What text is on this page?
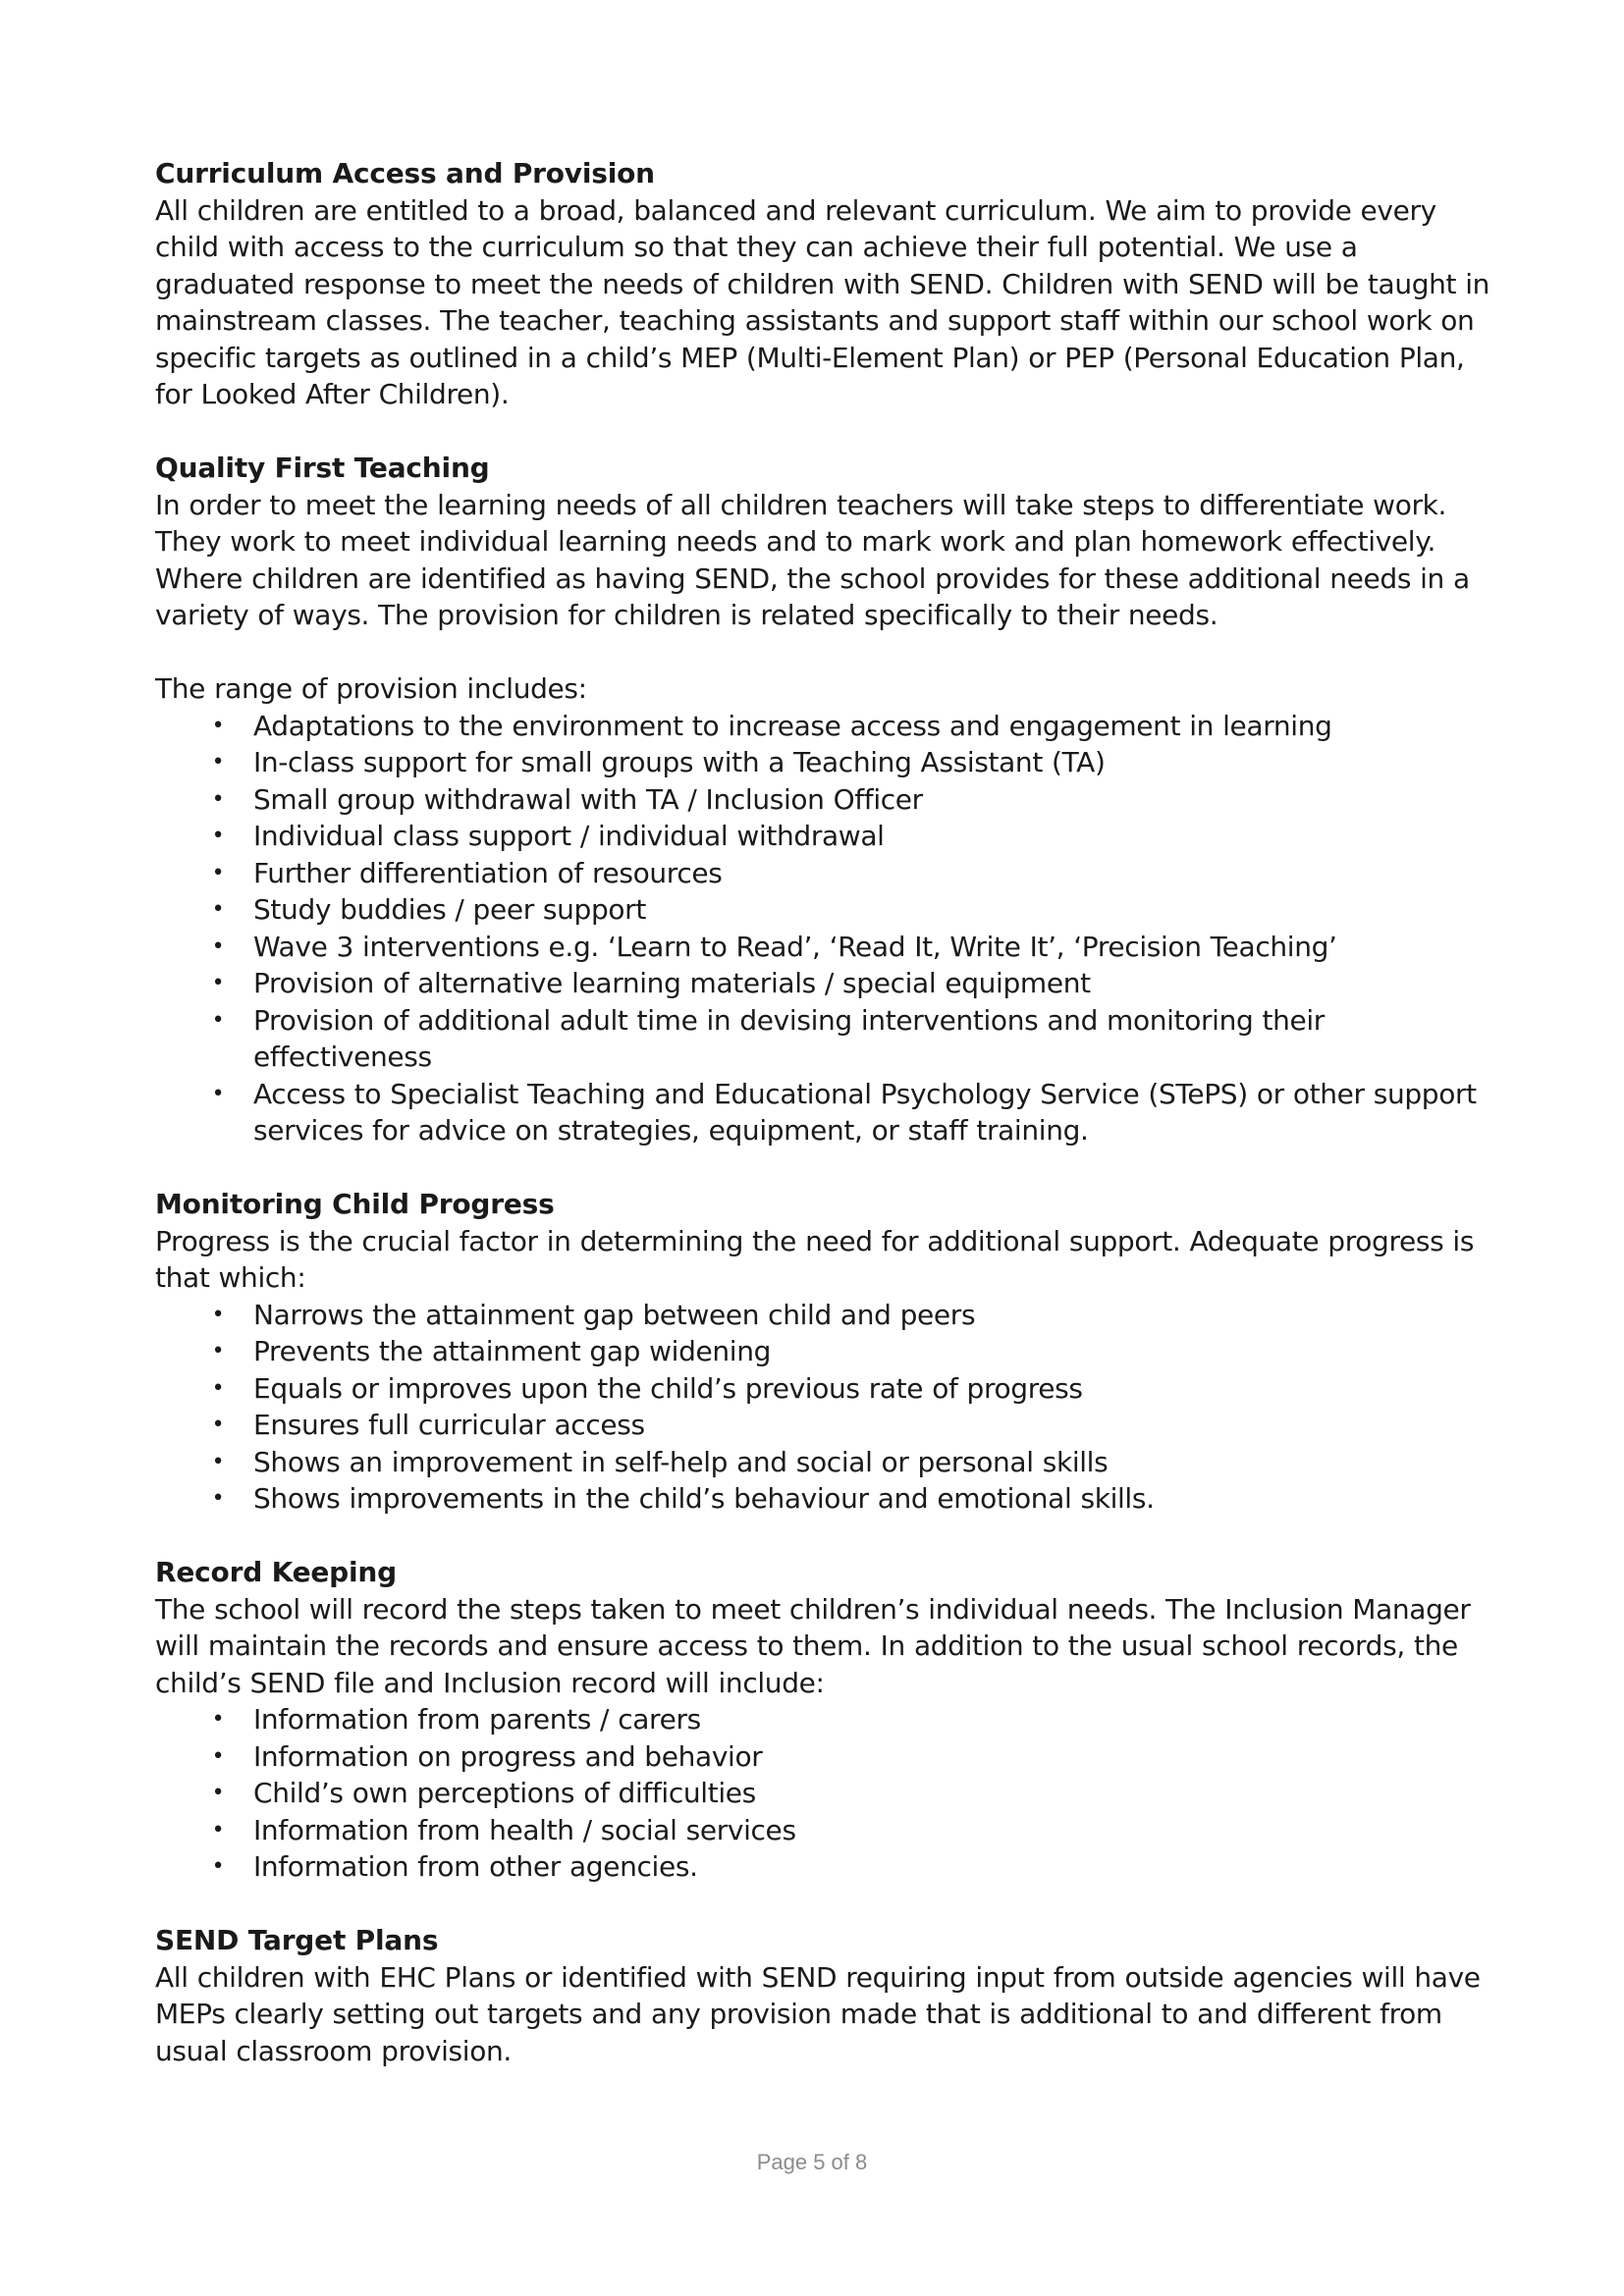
Curriculum Access and Provision

All children are entitled to a broad, balanced and relevant curriculum. We aim to provide every child with access to the curriculum so that they can achieve their full potential. We use a graduated response to meet the needs of children with SEND. Children with SEND will be taught in mainstream classes. The teacher, teaching assistants and support staff within our school work on specific targets as outlined in a child’s MEP (Multi-Element Plan) or PEP (Personal Education Plan, for Looked After Children).

Quality First Teaching

In order to meet the learning needs of all children teachers will take steps to differentiate work. They work to meet individual learning needs and to mark work and plan homework effectively. Where children are identified as having SEND, the school provides for these additional needs in a variety of ways. The provision for children is related specifically to their needs.

The range of provision includes:

• Adaptations to the environment to increase access and engagement in learning
• In-class support for small groups with a Teaching Assistant (TA)
• Small group withdrawal with TA / Inclusion Officer
• Individual class support / individual withdrawal
• Further differentiation of resources
• Study buddies / peer support
• Wave 3 interventions e.g. ‘Learn to Read’, ‘Read It, Write It’, ‘Precision Teaching’
• Provision of alternative learning materials / special equipment
• Provision of additional adult time in devising interventions and monitoring their effectiveness
• Access to Specialist Teaching and Educational Psychology Service (STePS) or other support services for advice on strategies, equipment, or staff training.

Monitoring Child Progress

Progress is the crucial factor in determining the need for additional support. Adequate progress is that which:

• Narrows the attainment gap between child and peers
• Prevents the attainment gap widening
• Equals or improves upon the child’s previous rate of progress
• Ensures full curricular access
• Shows an improvement in self-help and social or personal skills
• Shows improvements in the child’s behaviour and emotional skills.

Record Keeping

The school will record the steps taken to meet children’s individual needs. The Inclusion Manager will maintain the records and ensure access to them. In addition to the usual school records, the child’s SEND file and Inclusion record will include:

• Information from parents / carers
• Information on progress and behavior
• Child’s own perceptions of difficulties
• Information from health / social services
• Information from other agencies.

SEND Target Plans

All children with EHC Plans or identified with SEND requiring input from outside agencies will have MEPs clearly setting out targets and any provision made that is additional to and different from usual classroom provision.

Page 5 of 8
